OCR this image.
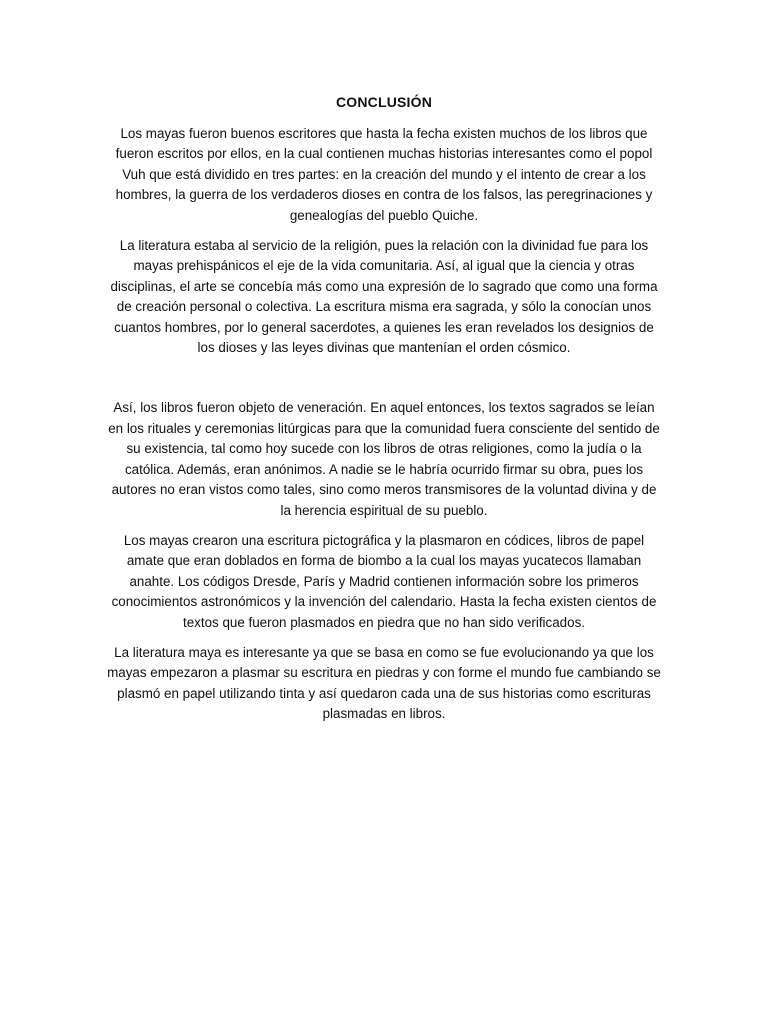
CONCLUSIÓN

Los mayas fueron buenos escritores que hasta la fecha existen muchos de los libros que fueron escritos por ellos, en la cual contienen muchas historias interesantes como el popol Vuh que está dividido en tres partes: en la creación del mundo y el intento de crear a los hombres, la guerra de los verdaderos dioses en contra de los falsos, las peregrinaciones y genealogías del pueblo Quiche.

La literatura estaba al servicio de la religión, pues la relación con la divinidad fue para los mayas prehispánicos el eje de la vida comunitaria. Así, al igual que la ciencia y otras disciplinas, el arte se concebía más como una expresión de lo sagrado que como una forma de creación personal o colectiva. La escritura misma era sagrada, y sólo la conocían unos cuantos hombres, por lo general sacerdotes, a quienes les eran revelados los designios de los dioses y las leyes divinas que mantenían el orden cósmico.

Así, los libros fueron objeto de veneración. En aquel entonces, los textos sagrados se leían en los rituales y ceremonias litúrgicas para que la comunidad fuera consciente del sentido de su existencia, tal como hoy sucede con los libros de otras religiones, como la judía o la católica. Además, eran anónimos. A nadie se le habría ocurrido firmar su obra, pues los autores no eran vistos como tales, sino como meros transmisores de la voluntad divina y de la herencia espiritual de su pueblo.

Los mayas crearon una escritura pictográfica y la plasmaron en códices, libros de papel amate que eran doblados en forma de biombo a la cual los mayas yucatecos llamaban anahte. Los códigos Dresde, París y Madrid contienen información sobre los primeros conocimientos astronómicos y la invención del calendario. Hasta la fecha existen cientos de textos que fueron plasmados en piedra que no han sido verificados.

La literatura maya es interesante ya que se basa en como se fue evolucionando ya que los mayas empezaron a plasmar su escritura en piedras y con forme el mundo fue cambiando se plasmó en papel utilizando tinta y así quedaron cada una de sus historias como escrituras plasmadas en libros.
